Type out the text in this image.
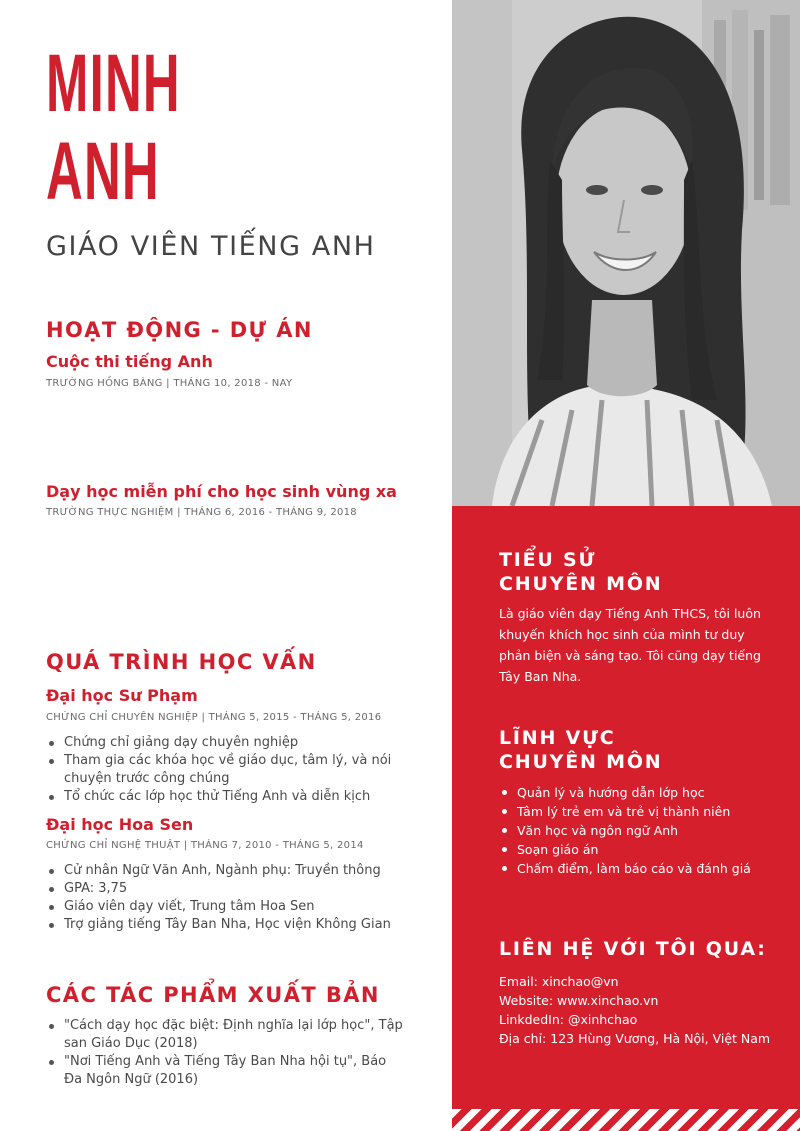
MINH
ANH
GIÁO VIÊN TIẾNG ANH
HOẠT ĐỘNG - DỰ ÁN
Cuộc thi tiếng Anh
TRƯỜNG HỒNG BÀNG | THÁNG 10, 2018 - NAY
Dạy học miễn phí cho học sinh vùng xa
TRƯỜNG THỰC NGHIỆM | THÁNG 6, 2016 - THÁNG 9, 2018
QUÁ TRÌNH HỌC VẤN
Đại học Sư Phạm
CHỨNG CHỈ CHUYÊN NGHIỆP | THÁNG 5, 2015 - THÁNG 5, 2016
Chứng chỉ giảng dạy chuyên nghiệp
Tham gia các khóa học về giáo dục, tâm lý, và nói chuyện trước công chúng
Tổ chức các lớp học thử Tiếng Anh và diễn kịch
Đại học Hoa Sen
CHỨNG CHỈ NGHỆ THUẬT | THÁNG 7, 2010 - THÁNG 5, 2014
Cử nhân Ngữ Văn Anh, Ngành phụ: Truyền thông
GPA: 3,75
Giáo viên dạy viết, Trung tâm Hoa Sen
Trợ giảng tiếng Tây Ban Nha, Học viện Không Gian
CÁC TÁC PHẨM XUẤT BẢN
"Cách dạy học đặc biệt: Định nghĩa lại lớp học", Tập san Giáo Dục (2018)
"Nơi Tiếng Anh và Tiếng Tây Ban Nha hội tụ", Báo Đa Ngôn Ngữ (2016)
TIỂU SỬ
CHUYÊN MÔN
Là giáo viên dạy Tiếng Anh THCS, tôi luôn khuyến khích học sinh của mình tư duy phản biện và sáng tạo. Tôi cũng dạy tiếng Tây Ban Nha.
LĨNH VỰC
CHUYÊN MÔN
Quản lý và hướng dẫn lớp học
Tâm lý trẻ em và trẻ vị thành niên
Văn học và ngôn ngữ Anh
Soạn giáo án
Chấm điểm, làm báo cáo và đánh giá
LIÊN HỆ VỚI TÔI QUA:
Email: xinchao@vn
Website: www.xinchao.vn
LinkdedIn: @xinhchao
Địa chỉ: 123 Hùng Vương, Hà Nội, Việt Nam
